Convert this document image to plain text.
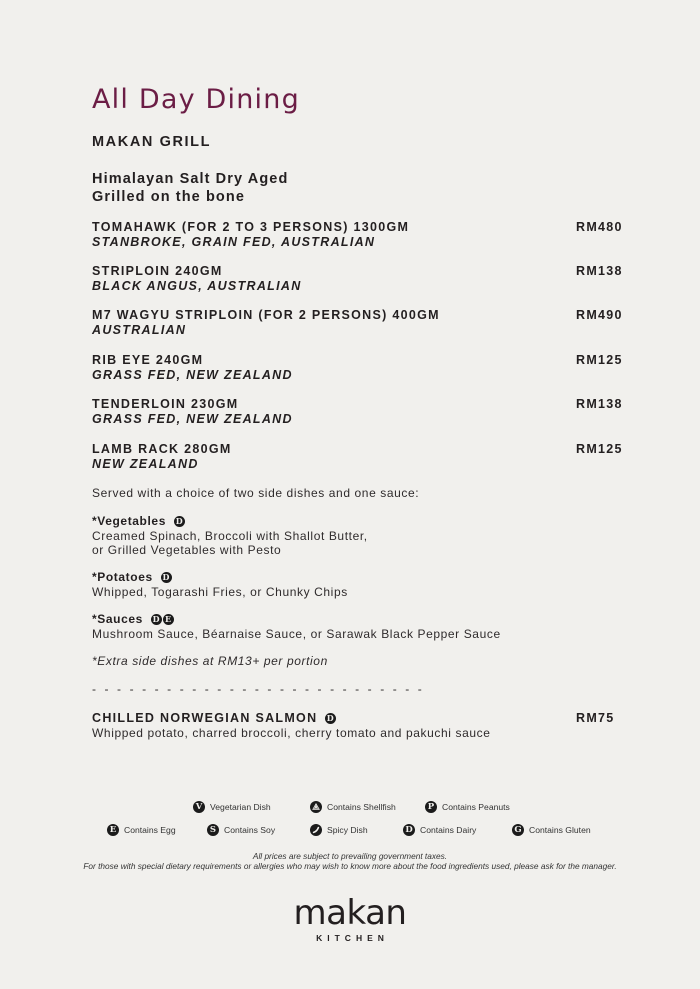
All Day Dining
MAKAN GRILL
Himalayan Salt Dry Aged
Grilled on the bone
TOMAHAWK (FOR 2 TO 3 PERSONS) 1300GM
STANBROKE, GRAIN FED, AUSTRALIAN
RM480
STRIPLOIN 240GM
BLACK ANGUS, AUSTRALIAN
RM138
M7 WAGYU STRIPLOIN (FOR 2 PERSONS) 400GM
AUSTRALIAN
RM490
RIB EYE 240GM
GRASS FED, NEW ZEALAND
RM125
TENDERLOIN 230GM
GRASS FED, NEW ZEALAND
RM138
LAMB RACK 280GM
NEW ZEALAND
RM125
Served with a choice of two side dishes and one sauce:
*Vegetables D
Creamed Spinach, Broccoli with Shallot Butter,
or Grilled Vegetables with Pesto
*Potatoes D
Whipped, Togarashi Fries, or Chunky Chips
*Sauces D E
Mushroom Sauce, Béarnaise Sauce, or Sarawak Black Pepper Sauce
*Extra side dishes at RM13+ per portion
- - - - - - - - - - - - - - - - - - - - - - - - - - -
CHILLED NORWEGIAN SALMON D
Whipped potato, charred broccoli, cherry tomato and pakuchi sauce
RM75
V Vegetarian Dish	Contains Shellfish	P Contains Peanuts
E Contains Egg	S Contains Soy	Spicy Dish	D Contains Dairy	G Contains Gluten
All prices are subject to prevailing government taxes.
For those with special dietary requirements or allergies who may wish to know more about the food ingredients used, please ask for the manager.
makan
KITCHEN
